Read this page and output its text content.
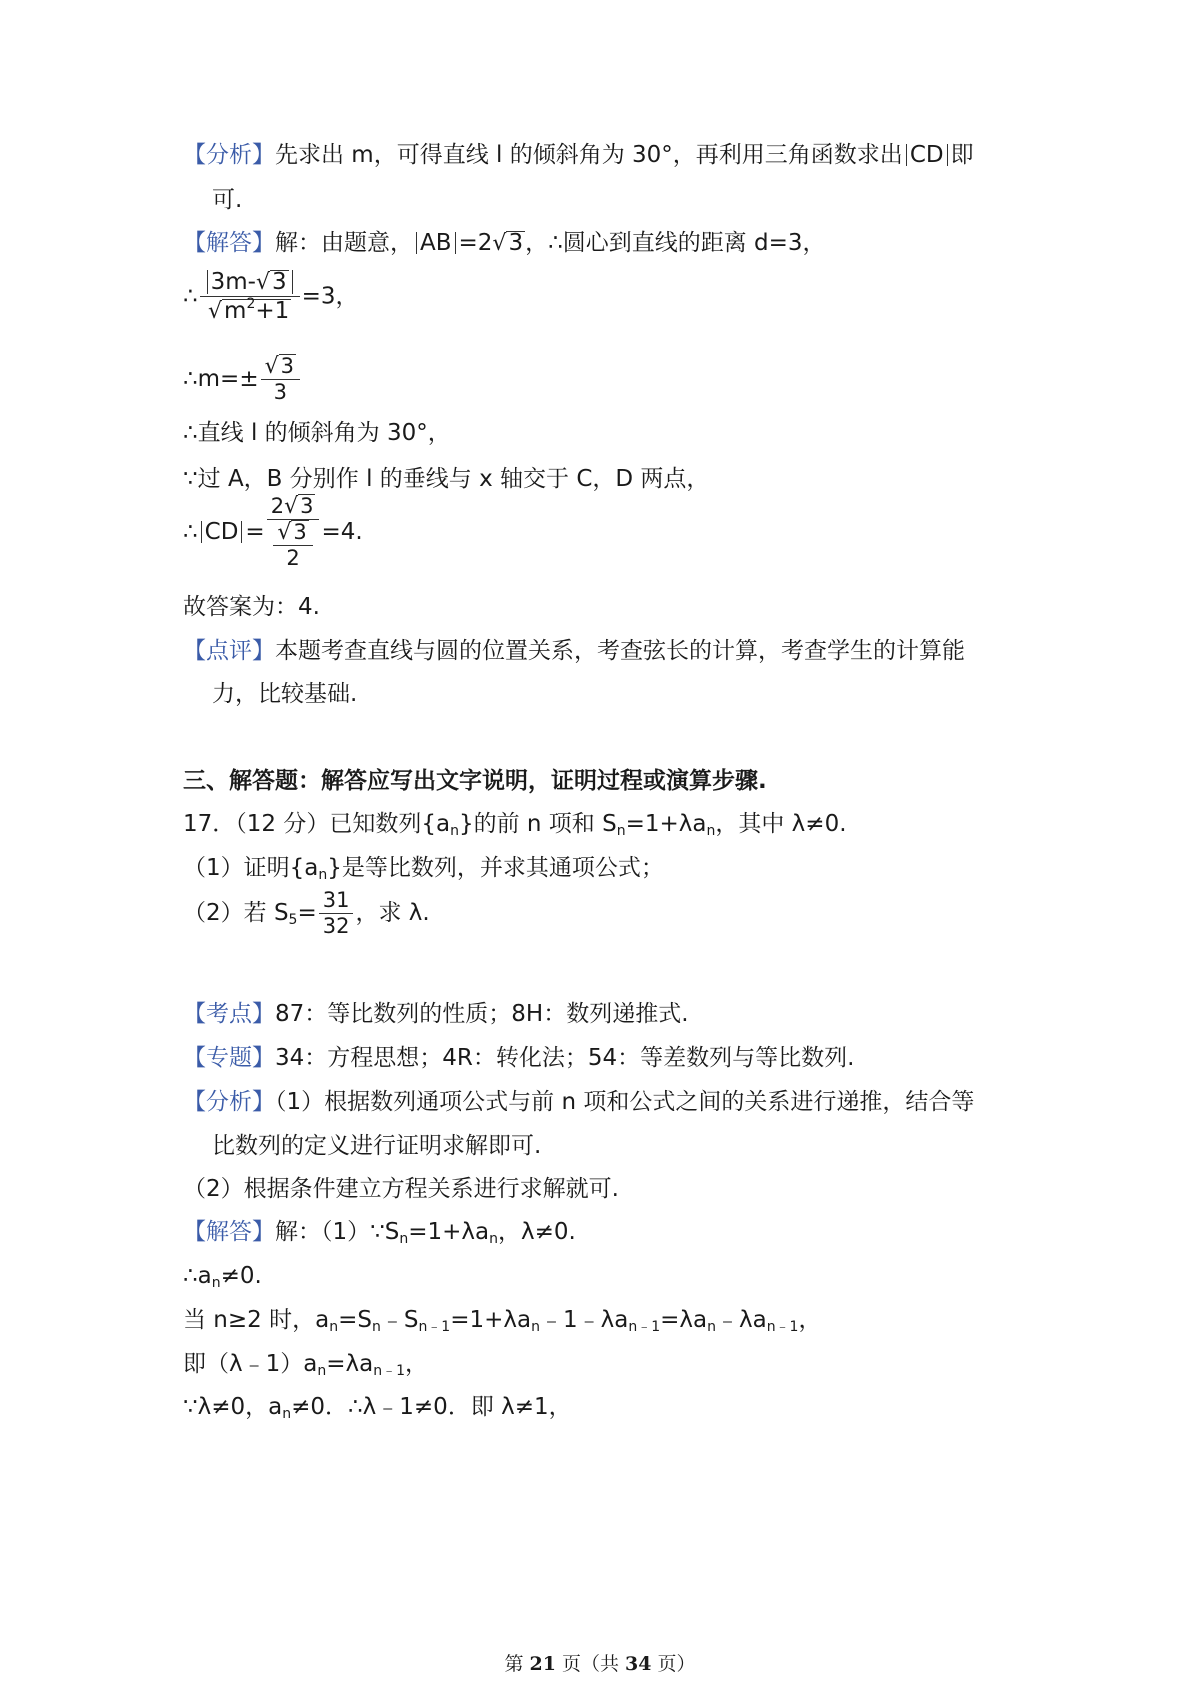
【分析】先求出 m，可得直线 l 的倾斜角为 30°，再利用三角函数求出 CD 即
可.
【解答】解：由题意， AB =2√3，∴圆心到直线的距离 d=3，
∴ $\frac{3m-√3}{√m^2+1} =3$，
∴m=± $\frac{√3}{3}$
∴直线 l 的倾斜角为 30°，
∵过 A，B 分别作 l 的垂线与 x 轴交于 C，D 两点，
∴ CD = $\frac{2√3}{\frac{√3}{2}} =4$.
故答案为：4.
【点评】本题考查直线与圆的位置关系，考查弦长的计算，考查学生的计算能
力，比较基础.
三、解答题：解答应写出文字说明，证明过程或演算步骤.
17．（12 分）已知数列$\{a_n\}$的前 n 项和 $S_n=1+\lambda a_n$，其中 λ≠0.
（1）证明$\{a_n\}$是等比数列，并求其通项公式；
（2）若 $S_5= \frac{31}{32}$ ，求 λ.
【考点】87：等比数列的性质；8H：数列递推式.
【专题】34：方程思想；4R：转化法；54：等差数列与等比数列.
【分析】（1）根据数列通项公式与前 n 项和公式之间的关系进行递推，结合等
比数列的定义进行证明求解即可.
（2）根据条件建立方程关系进行求解就可.
【解答】解：$(1)\because S_n=1+\lambda a_n$，λ≠0.
$\therefore a_n\ne 0$.
当 n≥2 时，$a_n=S_n﹣S_{n﹣1}=1+\lambda a_n﹣1﹣\lambda a_{n﹣1}=\lambda a_n﹣\lambda a_{n﹣1}$，
即$(\lambda﹣1)a_n=\lambda a_{n﹣1}$，
∵λ≠0，$a_n\ne 0$．∴λ﹣1≠0．即 λ≠1，
第 21 页（共 34 页）
